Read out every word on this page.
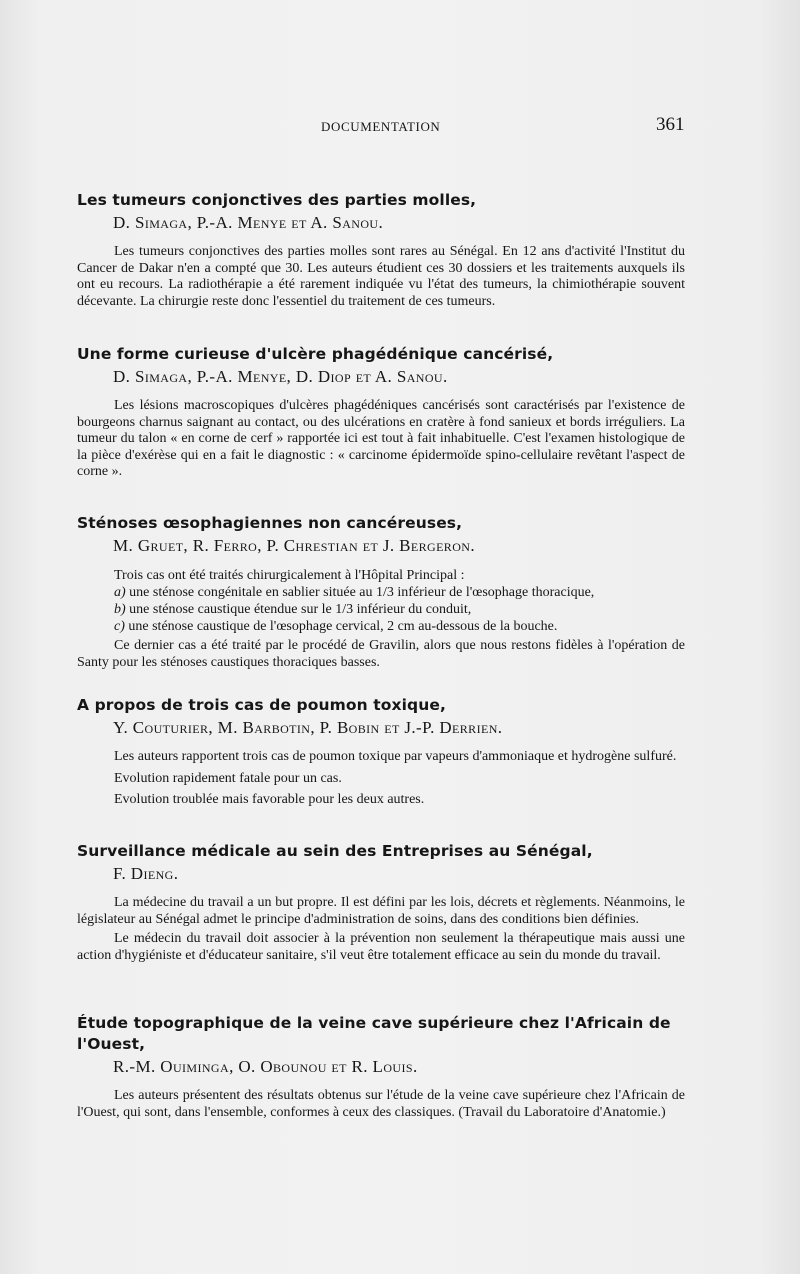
DOCUMENTATION	361
Les tumeurs conjonctives des parties molles,
D. Simaga, P.-A. Menye et A. Sanou.

Les tumeurs conjonctives des parties molles sont rares au Sénégal. En 12 ans d'activité l'Institut du Cancer de Dakar n'en a compté que 30. Les auteurs étudient ces 30 dossiers et les traitements auxquels ils ont eu recours. La radiothérapie a été rarement indiquée vu l'état des tumeurs, la chimiothérapie souvent décevante. La chirurgie reste donc l'essentiel du traitement de ces tumeurs.

Une forme curieuse d'ulcère phagédénique cancérisé,
D. Simaga, P.-A. Menye, D. Diop et A. Sanou.

Les lésions macroscopiques d'ulcères phagédéniques cancérisés sont caractérisés par l'existence de bourgeons charnus saignant au contact, ou des ulcérations en cratère à fond sanieux et bords irréguliers. La tumeur du talon « en corne de cerf » rapportée ici est tout à fait inhabituelle. C'est l'examen histologique de la pièce d'exérèse qui en a fait le diagnostic : « carcinome épidermoïde spino-cellulaire revêtant l'aspect de corne ».

Sténoses œsophagiennes non cancéreuses,
M. Gruet, R. Ferro, P. Chrestian et J. Bergeron.
Trois cas ont été traités chirurgicalement à l'Hôpital Principal :
a) une sténose congénitale en sablier située au 1/3 inférieur de l'œsophage thoracique,
b) une sténose caustique étendue sur le 1/3 inférieur du conduit,
c) une sténose caustique de l'œsophage cervical, 2 cm au-dessous de la bouche.

Ce dernier cas a été traité par le procédé de Gravilin, alors que nous restons fidèles à l'opération de Santy pour les sténoses caustiques thoraciques basses.

A propos de trois cas de poumon toxique,
Y. Couturier, M. Barbotin, P. Bobin et J.-P. Derrien.

Les auteurs rapportent trois cas de poumon toxique par vapeurs d'ammoniaque et hydrogène sulfuré.

Evolution rapidement fatale pour un cas.
Evolution troublée mais favorable pour les deux autres.
Surveillance médicale au sein des Entreprises au Sénégal,
F. Dieng.

La médecine du travail a un but propre. Il est défini par les lois, décrets et règlements. Néanmoins, le législateur au Sénégal admet le principe d'administration de soins, dans des conditions bien définies.

Le médecin du travail doit associer à la prévention non seulement la thérapeutique mais aussi une action d'hygiéniste et d'éducateur sanitaire, s'il veut être totalement efficace au sein du monde du travail.

Étude topographique de la veine cave supérieure chez l'Africain de l'Ouest,
R.-M. Ouiminga, O. Obounou et R. Louis.

Les auteurs présentent des résultats obtenus sur l'étude de la veine cave supérieure chez l'Africain de l'Ouest, qui sont, dans l'ensemble, conformes à ceux des classiques. (Travail du Laboratoire d'Anatomie.)
